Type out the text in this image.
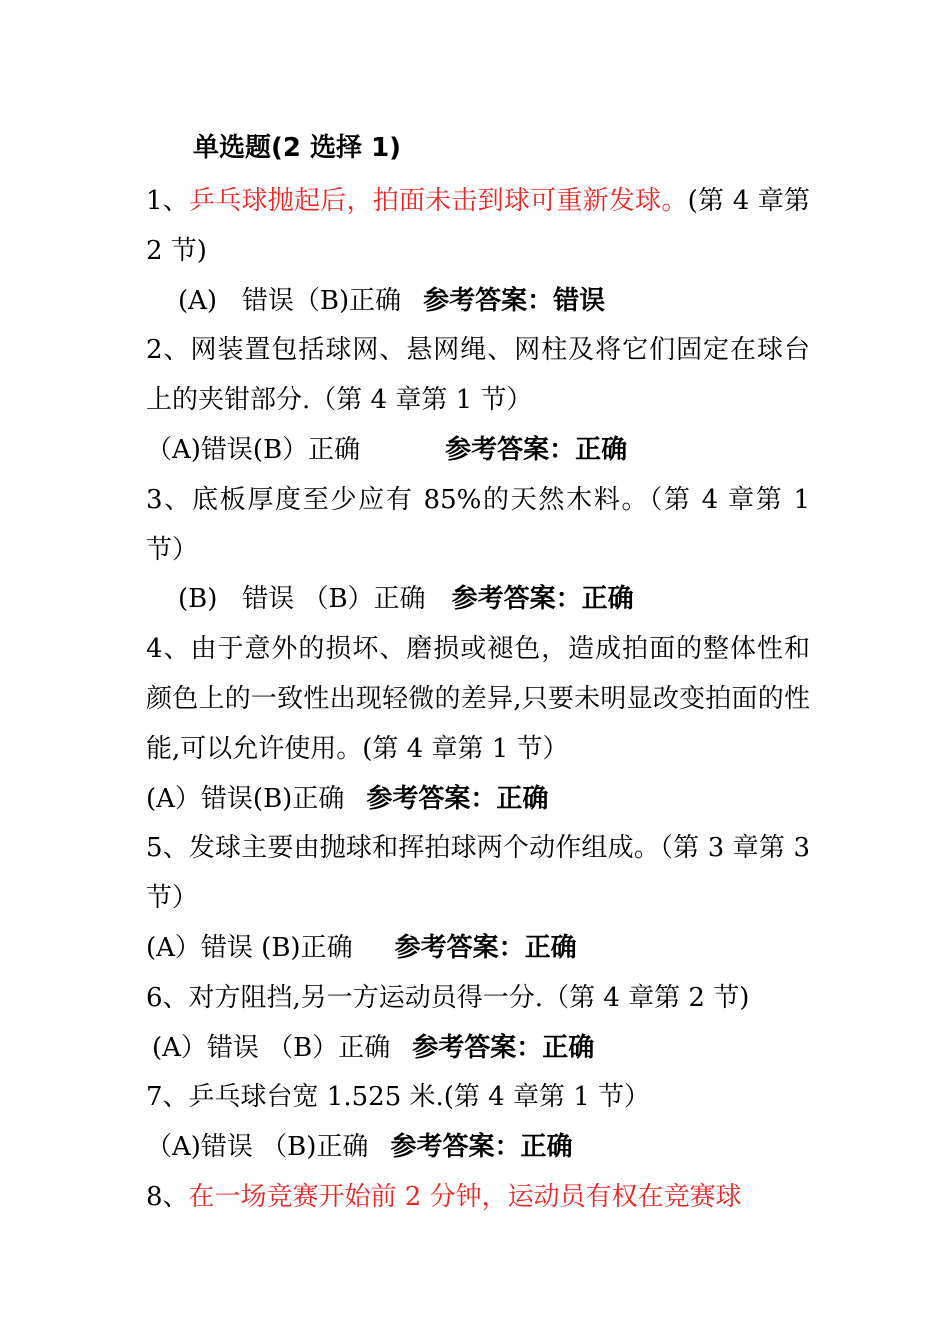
单选题(2 选择 1)

1、乒乓球抛起后，拍面未击到球可重新发球。(第 4 章第 2 节)

(A)   错误（B)正确 参考答案：错误

2、网装置包括球网、悬网绳、网柱及将它们固定在球台上的夹钳部分.（第 4 章第 1 节）

（A)错误(B）正确	参考答案：正确

3、底板厚度至少应有 85%的天然木料。（第 4 章第 1 节）

(B)   错误 （B）正确 参考答案：正确

4、由于意外的损坏、磨损或褪色，造成拍面的整体性和颜色上的一致性出现轻微的差异,只要未明显改变拍面的性能,可以允许使用。(第 4 章第 1 节）

(A）错误(B)正确 参考答案：正确

5、发球主要由抛球和挥拍球两个动作组成。（第 3 章第 3 节）

(A）错误 (B)正确 参考答案：正确

6、对方阻挡,另一方运动员得一分.（第 4 章第 2 节)

(A）错误 （B）正确 参考答案：正确

7、乒乓球台宽 1.525 米.(第 4 章第 1 节）

（A)错误 （B)正确 参考答案：正确

8、在一场竞赛开始前 2 分钟，运动员有权在竞赛球
